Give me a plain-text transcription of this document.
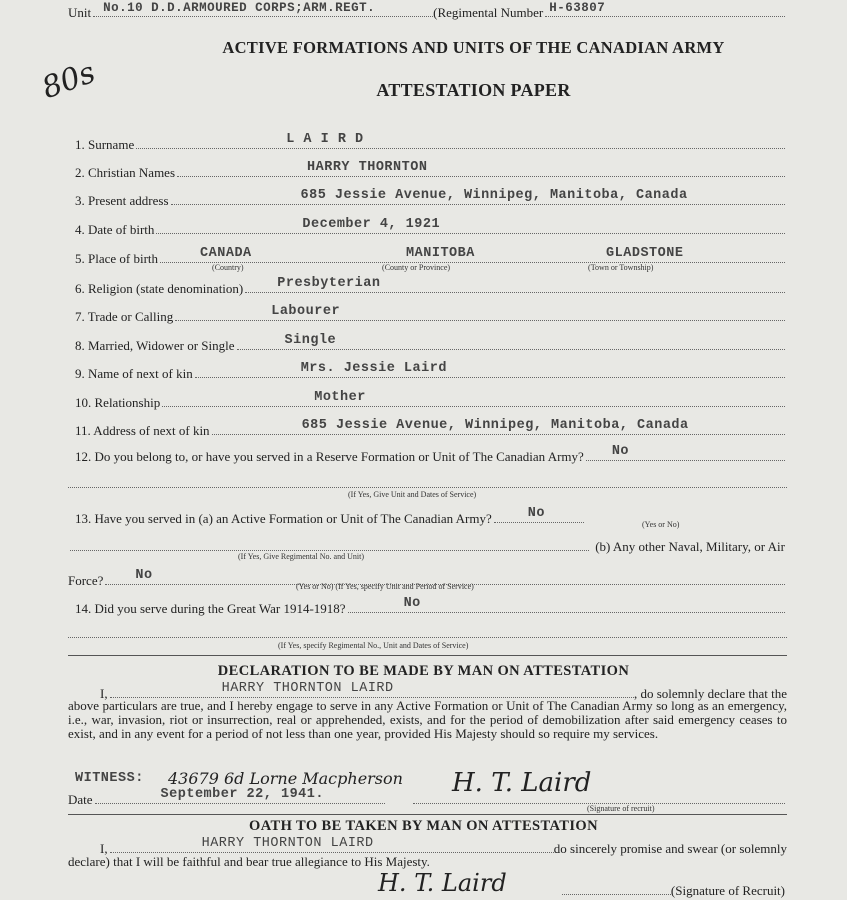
Unit No.10 D.D.ARMOURED CORPS;ARM.REGT.	(Regimental Number H-63807
80s
ACTIVE FORMATIONS AND UNITS OF THE CANADIAN ARMY
ATTESTATION PAPER
1. Surname	L A I R D
2. Christian Names	HARRY THORNTON
3. Present address	685 Jessie Avenue, Winnipeg, Manitoba, Canada
4. Date of birth	December 4, 1921
5. Place of birth	CANADA	MANITOBA	GLADSTONE
(Country)	(County or Province)	(Town or Township)
6. Religion (state denomination)	Presbyterian
7. Trade or Calling	Labourer
8. Married, Widower or Single	Single
9. Name of next of kin	Mrs. Jessie Laird
10. Relationship	Mother
11. Address of next of kin	685 Jessie Avenue, Winnipeg, Manitoba, Canada
12. Do you belong to, or have you served in a Reserve Formation or Unit of The Canadian Army? No
(If Yes, Give Unit and Dates of Service)
13. Have you served in (a) an Active Formation or Unit of The Canadian Army?	No
(Yes or No)
(b) Any other Naval, Military, or Air
(If Yes, Give Regimental No. and Unit)
Force? No
(Yes or No) (If Yes, specify Unit and Period of Service)
14. Did you serve during the Great War 1914-1918?	No
(If Yes, specify Regimental No., Unit and Dates of Service)
DECLARATION TO BE MADE BY MAN ON ATTESTATION
I,	HARRY THORNTON LAIRD	, do solemnly declare that the
above particulars are true, and I hereby engage to serve in any Active Formation or Unit of The Canadian Army so long as an emergency, i.e., war, invasion, riot or insurrection, real or apprehended, exists, and for the period of demobilization after said emergency ceases to exist, and in any event for a period of not less than one year, provided His Majesty should so require my services.
WITNESS: 43679 6d Lorne Macpherson H. T. Laird
Date	September 22, 1941.
(Signature of recruit)
OATH TO BE TAKEN BY MAN ON ATTESTATION
I,	HARRY THORNTON LAIRD	do sincerely promise and swear (or solemnly
declare) that I will be faithful and bear true allegiance to His Majesty.
H. T. Laird	(Signature of Recruit)
